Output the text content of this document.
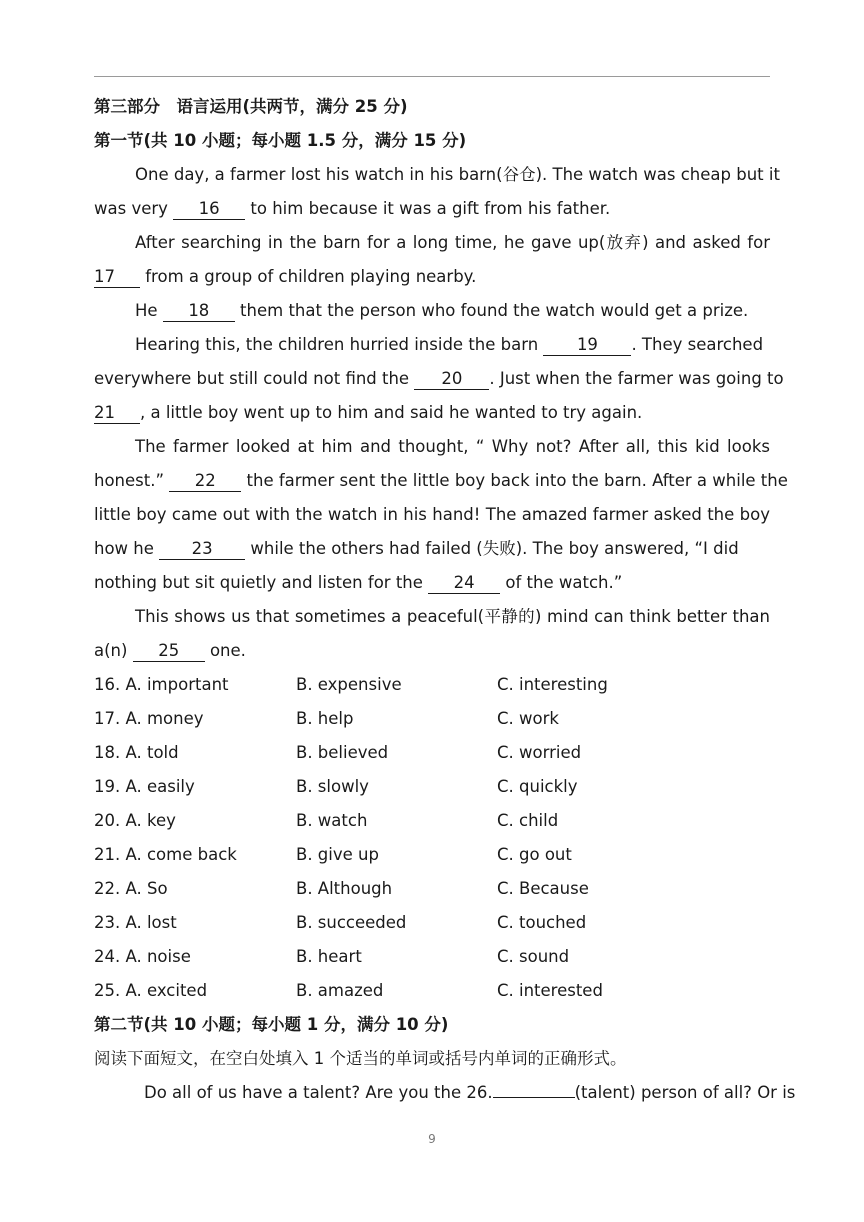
第三部分　语言运用(共两节，满分 25 分)
第一节(共 10 小题；每小题 1.5 分，满分 15 分)
One day, a farmer lost his watch in his barn(谷仓). The watch was cheap but it
was very 16 to him because it was a gift from his father.
After searching in the barn for a long time, he gave up(放弃) and asked for
17 from a group of children playing nearby.
He 18 them that the person who found the watch would get a prize.
Hearing this, the children hurried inside the barn 19 . They searched
everywhere but still could not find the 20 . Just when the farmer was going to
21 , a little boy went up to him and said he wanted to try again.
The farmer looked at him and thought, “ Why not? After all, this kid looks
honest.” 22 the farmer sent the little boy back into the barn. After a while the
little boy came out with the watch in his hand! The amazed farmer asked the boy
how he 23 while the others had failed (失败). The boy answered, “I did
nothing but sit quietly and listen for the 24 of the watch.”
This shows us that sometimes a peaceful(平静的) mind can think better than
a(n) 25 one.
16. A. important	B. expensive	C. interesting
17. A. money	B. help	C. work
18. A. told	B. believed	C. worried
19. A. easily	B. slowly	C. quickly
20. A. key	B. watch	C. child
21. A. come back	B. give up	C. go out
22. A. So	B. Although	C. Because
23. A. lost	B. succeeded	C. touched
24. A. noise	B. heart	C. sound
25. A. excited	B. amazed	C. interested
第二节(共 10 小题；每小题 1 分，满分 10 分)
阅读下面短文，在空白处填入 1 个适当的单词或括号内单词的正确形式。
Do all of us have a talent? Are you the 26.	(talent) person of all? Or is
9
